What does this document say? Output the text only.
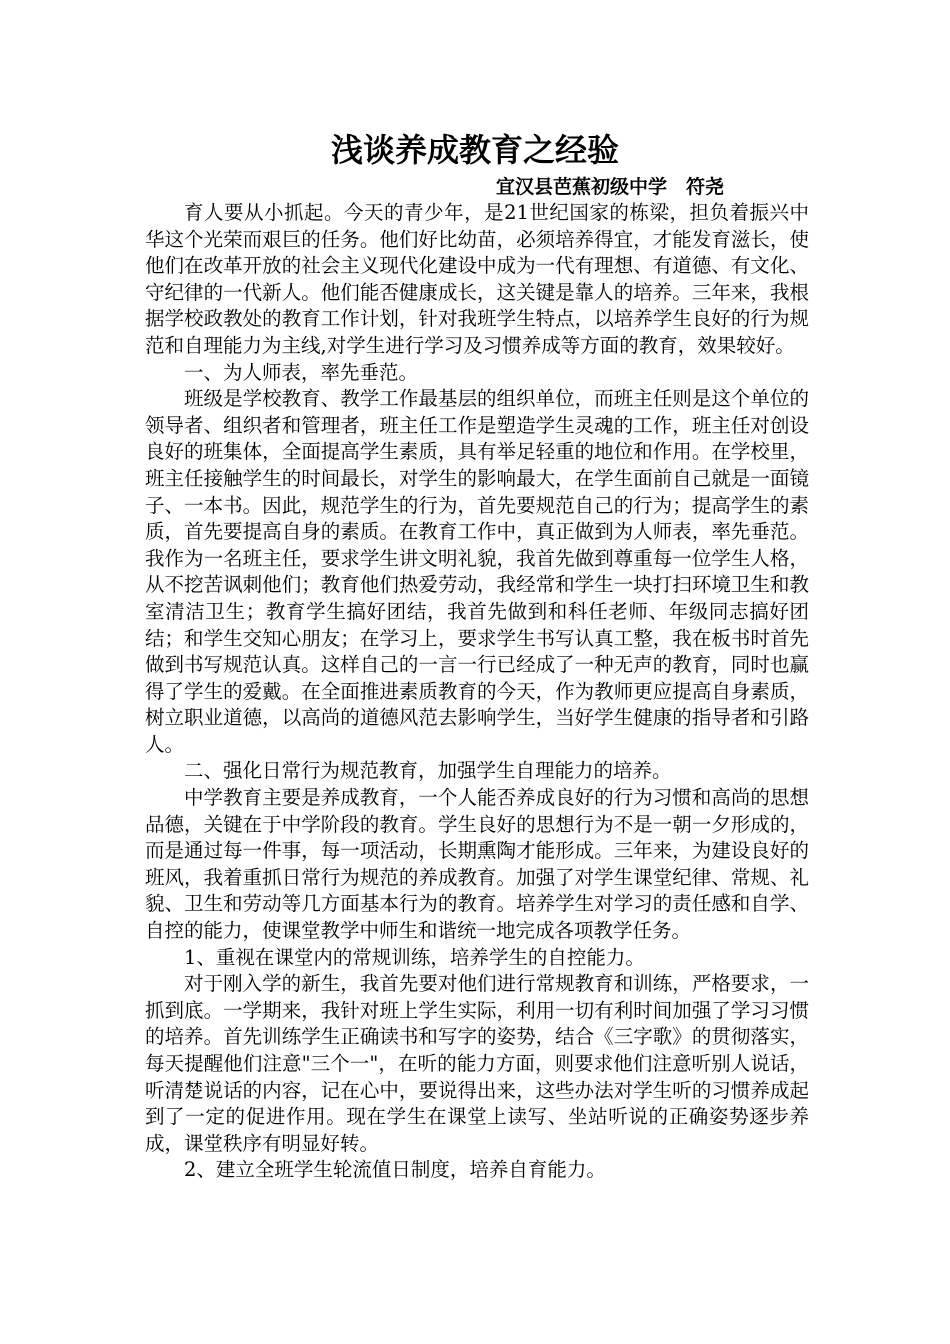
浅谈养成教育之经验
宜汉县芭蕉初级中学　符尧

育人要从小抓起。今天的青少年，是21世纪国家的栋梁，担负着振兴中华这个光荣而艰巨的任务。他们好比幼苗，必须培养得宜，才能发育滋长，使他们在改革开放的社会主义现代化建设中成为一代有理想、有道德、有文化、守纪律的一代新人。他们能否健康成长，这关键是靠人的培养。三年来，我根据学校政教处的教育工作计划，针对我班学生特点，以培养学生良好的行为规范和自理能力为主线,对学生进行学习及习惯养成等方面的教育，效果较好。

一、为人师表，率先垂范。

班级是学校教育、教学工作最基层的组织单位，而班主任则是这个单位的领导者、组织者和管理者，班主任工作是塑造学生灵魂的工作，班主任对创设良好的班集体，全面提高学生素质，具有举足轻重的地位和作用。在学校里，班主任接触学生的时间最长，对学生的影响最大，在学生面前自己就是一面镜子、一本书。因此，规范学生的行为，首先要规范自己的行为；提高学生的素质，首先要提高自身的素质。在教育工作中，真正做到为人师表，率先垂范。我作为一名班主任，要求学生讲文明礼貌，我首先做到尊重每一位学生人格，从不挖苦讽刺他们；教育他们热爱劳动，我经常和学生一块打扫环境卫生和教室清洁卫生；教育学生搞好团结，我首先做到和科任老师、年级同志搞好团结；和学生交知心朋友；在学习上，要求学生书写认真工整，我在板书时首先做到书写规范认真。这样自己的一言一行已经成了一种无声的教育，同时也赢得了学生的爱戴。在全面推进素质教育的今天，作为教师更应提高自身素质，树立职业道德，以高尚的道德风范去影响学生，当好学生健康的指导者和引路人。

二、强化日常行为规范教育，加强学生自理能力的培养。

中学教育主要是养成教育，一个人能否养成良好的行为习惯和高尚的思想品德，关键在于中学阶段的教育。学生良好的思想行为不是一朝一夕形成的，而是通过每一件事，每一项活动，长期熏陶才能形成。三年来，为建设良好的班风，我着重抓日常行为规范的养成教育。加强了对学生课堂纪律、常规、礼貌、卫生和劳动等几方面基本行为的教育。培养学生对学习的责任感和自学、自控的能力，使课堂教学中师生和谐统一地完成各项教学任务。

1、重视在课堂内的常规训练，培养学生的自控能力。

对于刚入学的新生，我首先要对他们进行常规教育和训练，严格要求，一抓到底。一学期来，我针对班上学生实际，利用一切有利时间加强了学习习惯的培养。首先训练学生正确读书和写字的姿势，结合《三字歌》的贯彻落实，每天提醒他们注意"三个一"，在听的能力方面，则要求他们注意听别人说话，听清楚说话的内容，记在心中，要说得出来，这些办法对学生听的习惯养成起到了一定的促进作用。现在学生在课堂上读写、坐站听说的正确姿势逐步养成，课堂秩序有明显好转。

2、建立全班学生轮流值日制度，培养自育能力。
